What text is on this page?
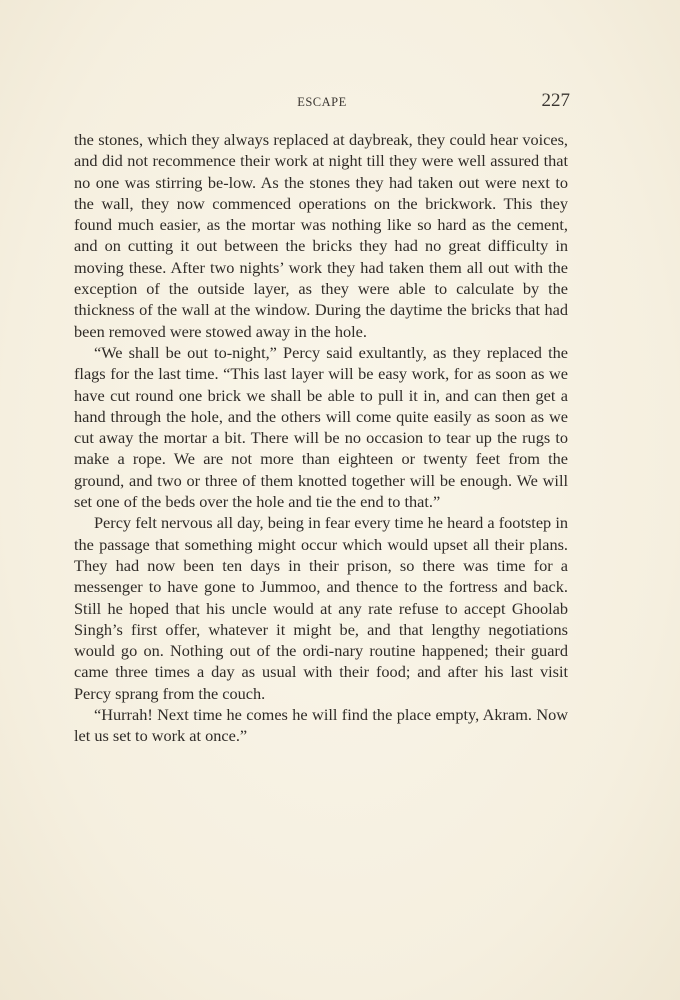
ESCAPE	227

the stones, which they always replaced at daybreak, they could hear voices, and did not recommence their work at night till they were well assured that no one was stirring be-low. As the stones they had taken out were next to the wall, they now commenced operations on the brickwork. This they found much easier, as the mortar was nothing like so hard as the cement, and on cutting it out between the bricks they had no great difficulty in moving these. After two nights’ work they had taken them all out with the exception of the outside layer, as they were able to calculate by the thickness of the wall at the window. During the daytime the bricks that had been removed were stowed away in the hole.

“We shall be out to-night,” Percy said exultantly, as they replaced the flags for the last time. “This last layer will be easy work, for as soon as we have cut round one brick we shall be able to pull it in, and can then get a hand through the hole, and the others will come quite easily as soon as we cut away the mortar a bit. There will be no occasion to tear up the rugs to make a rope. We are not more than eighteen or twenty feet from the ground, and two or three of them knotted together will be enough. We will set one of the beds over the hole and tie the end to that.”

Percy felt nervous all day, being in fear every time he heard a footstep in the passage that something might occur which would upset all their plans. They had now been ten days in their prison, so there was time for a messenger to have gone to Jummoo, and thence to the fortress and back. Still he hoped that his uncle would at any rate refuse to accept Ghoolab Singh’s first offer, whatever it might be, and that lengthy negotiations would go on. Nothing out of the ordi-nary routine happened; their guard came three times a day as usual with their food; and after his last visit Percy sprang from the couch.

“Hurrah! Next time he comes he will find the place empty, Akram. Now let us set to work at once.”
